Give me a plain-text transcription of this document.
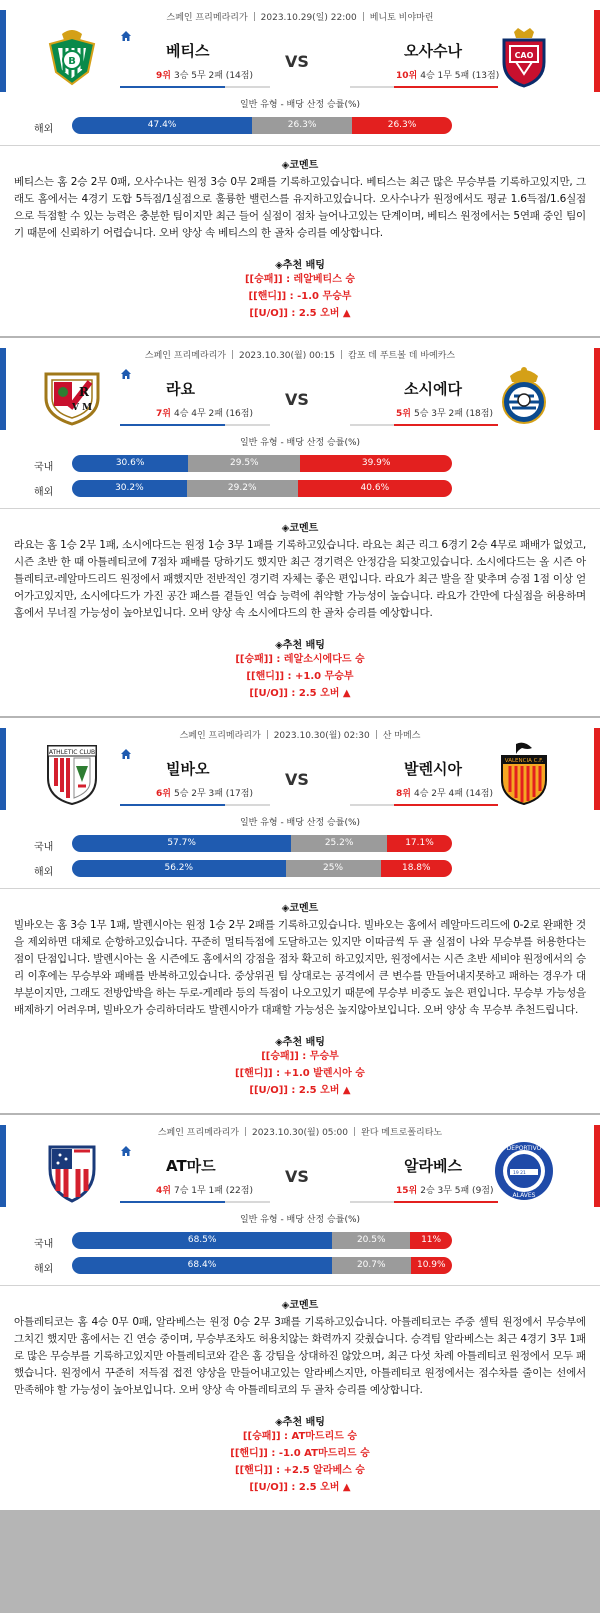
스페인 프리메라리가 2023.10.29(일) 22:00 베니토 비야마린
B
베티스
9위 3승 5무 2패 (14점)
VS
오사수나
10위 4승 1무 5패 (13점)
CAO
일반 유형 - 배당 산정 승률(%)
해외	47.4%	26.3%	26.3%
◈코멘트
베티스는 홈 2승 2무 0패, 오사수나는 원정 3승 0무 2패를 기록하고있습니다. 베티스는 최근 많은 무승부를 기록하고있지만, 그래도 홈에서는 4경기 도합 5득점/1실점으로 훌륭한 밸런스를 유지하고있습니다. 오사수나가 원정에서도 평균 1.6득점/1.6실점으로 득점할 수 있는 능력은 충분한 팀이지만 최근 들어 실점이 점차 늘어나고있는 단계이며, 베티스 원정에서는 5연패 중인 팀이기 때문에 신뢰하기 어렵습니다. 오버 양상 속 베티스의 한 골차 승리를 예상합니다.
◈추천 배팅
[[승패]] : 레알베티스 승
[[핸디]] : -1.0 무승부
[[U/O]] : 2.5 오버 ▲
스페인 프리메라리가 2023.10.30(월) 00:15 캄포 데 푸트볼 데 바예카스
R
V M
라요
7위 4승 4무 2패 (16점)
VS
소시에다
5위 5승 3무 2패 (18점)
일반 유형 - 배당 산정 승률(%)
국내	30.6%	29.5%	39.9%
해외	30.2%	29.2%	40.6%
◈코멘트
라요는 홈 1승 2무 1패, 소시에다드는 원정 1승 3무 1패를 기록하고있습니다. 라요는 최근 리그 6경기 2승 4무로 패배가 없었고, 시즌 초반 한 때 아틀레티코에 7점차 패배를 당하기도 했지만 최근 경기력은 안정감을 되찾고있습니다. 소시에다드는 올 시즌 아틀레티코-레알마드리드 원정에서 패했지만 전반적인 경기력 자체는 좋은 편입니다. 라요가 최근 발을 잘 맞추며 승점 1점 이상 얻어가고있지만, 소시에다드가 가진 공간 패스를 곁들인 역습 능력에 취약할 가능성이 높습니다. 라요가 간만에 다실점을 허용하며 홈에서 무너질 가능성이 높아보입니다. 오버 양상 속 소시에다드의 한 골차 승리를 예상합니다.
◈추천 배팅
[[승패]] : 레알소시에다드 승
[[핸디]] : +1.0 무승부
[[U/O]] : 2.5 오버 ▲
스페인 프리메라리가 2023.10.30(월) 02:30 산 마메스
ATHLETIC CLUB
빌바오
6위 5승 2무 3패 (17점)
VS
발렌시아
8위 4승 2무 4패 (14점)
VALENCIA C.F.
일반 유형 - 배당 산정 승률(%)
국내	57.7%	25.2%	17.1%
해외	56.2%	25%	18.8%
◈코멘트
빌바오는 홈 3승 1무 1패, 발렌시아는 원정 1승 2무 2패를 기록하고있습니다. 빌바오는 홈에서 레알마드리드에 0-2로 완패한 것을 제외하면 대체로 순항하고있습니다. 꾸준히 멀티득점에 도달하고는 있지만 이따금씩 두 골 실점이 나와 무승부를 허용한다는 점이 단점입니다. 발렌시아는 올 시즌에도 홈에서의 강점을 점차 확고히 하고있지만, 원정에서는 시즌 초반 세비야 원정에서의 승리 이후에는 무승부와 패배를 반복하고있습니다. 중상위권 팀 상대로는 공격에서 큰 변수를 만들어내지못하고 패하는 경우가 대부분이지만, 그래도 전방압박을 하는 두로-게레라 등의 득점이 나오고있기 때문에 무승부 비중도 높은 편입니다. 무승부 가능성을 배제하기 어려우며, 빌바오가 승리하더라도 발렌시아가 대패할 가능성은 높지않아보입니다. 오버 양상 속 무승부 추천드립니다.
◈추천 배팅
[[승패]] : 무승부
[[핸디]] : +1.0 발렌시아 승
[[U/O]] : 2.5 오버 ▲
스페인 프리메라리가 2023.10.30(월) 05:00 완다 메트로폴리타노
AT마드
4위 7승 1무 1패 (22점)
VS
알라베스
15위 2승 3무 5패 (9점)
DEPORTIVO
ALAVES
19 21
일반 유형 - 배당 산정 승률(%)
국내	68.5%	20.5%	11%
해외	68.4%	20.7%	10.9%
◈코멘트
아틀레티코는 홈 4승 0무 0패, 알라베스는 원정 0승 2무 3패를 기록하고있습니다. 아틀레티코는 주중 셀틱 원정에서 무승부에 그치긴 했지만 홈에서는 긴 연승 중이며, 무승부조차도 허용치않는 화력까지 갖췄습니다. 승격팀 알라베스는 최근 4경기 3무 1패로 많은 무승부를 기록하고있지만 아틀레티코와 같은 홈 강팀을 상대하진 않았으며, 최근 다섯 차례 아틀레티코 원정에서 모두 패했습니다. 원정에서 꾸준히 저득점 접전 양상을 만들어내고있는 알라베스지만, 아틀레티코 원정에서는 점수차를 줄이는 선에서 만족해야 할 가능성이 높아보입니다. 오버 양상 속 아틀레티코의 두 골차 승리를 예상합니다.
◈추천 배팅
[[승패]] : AT마드리드 승
[[핸디]] : -1.0 AT마드리드 승
[[핸디]] : +2.5 알라베스 승
[[U/O]] : 2.5 오버 ▲
